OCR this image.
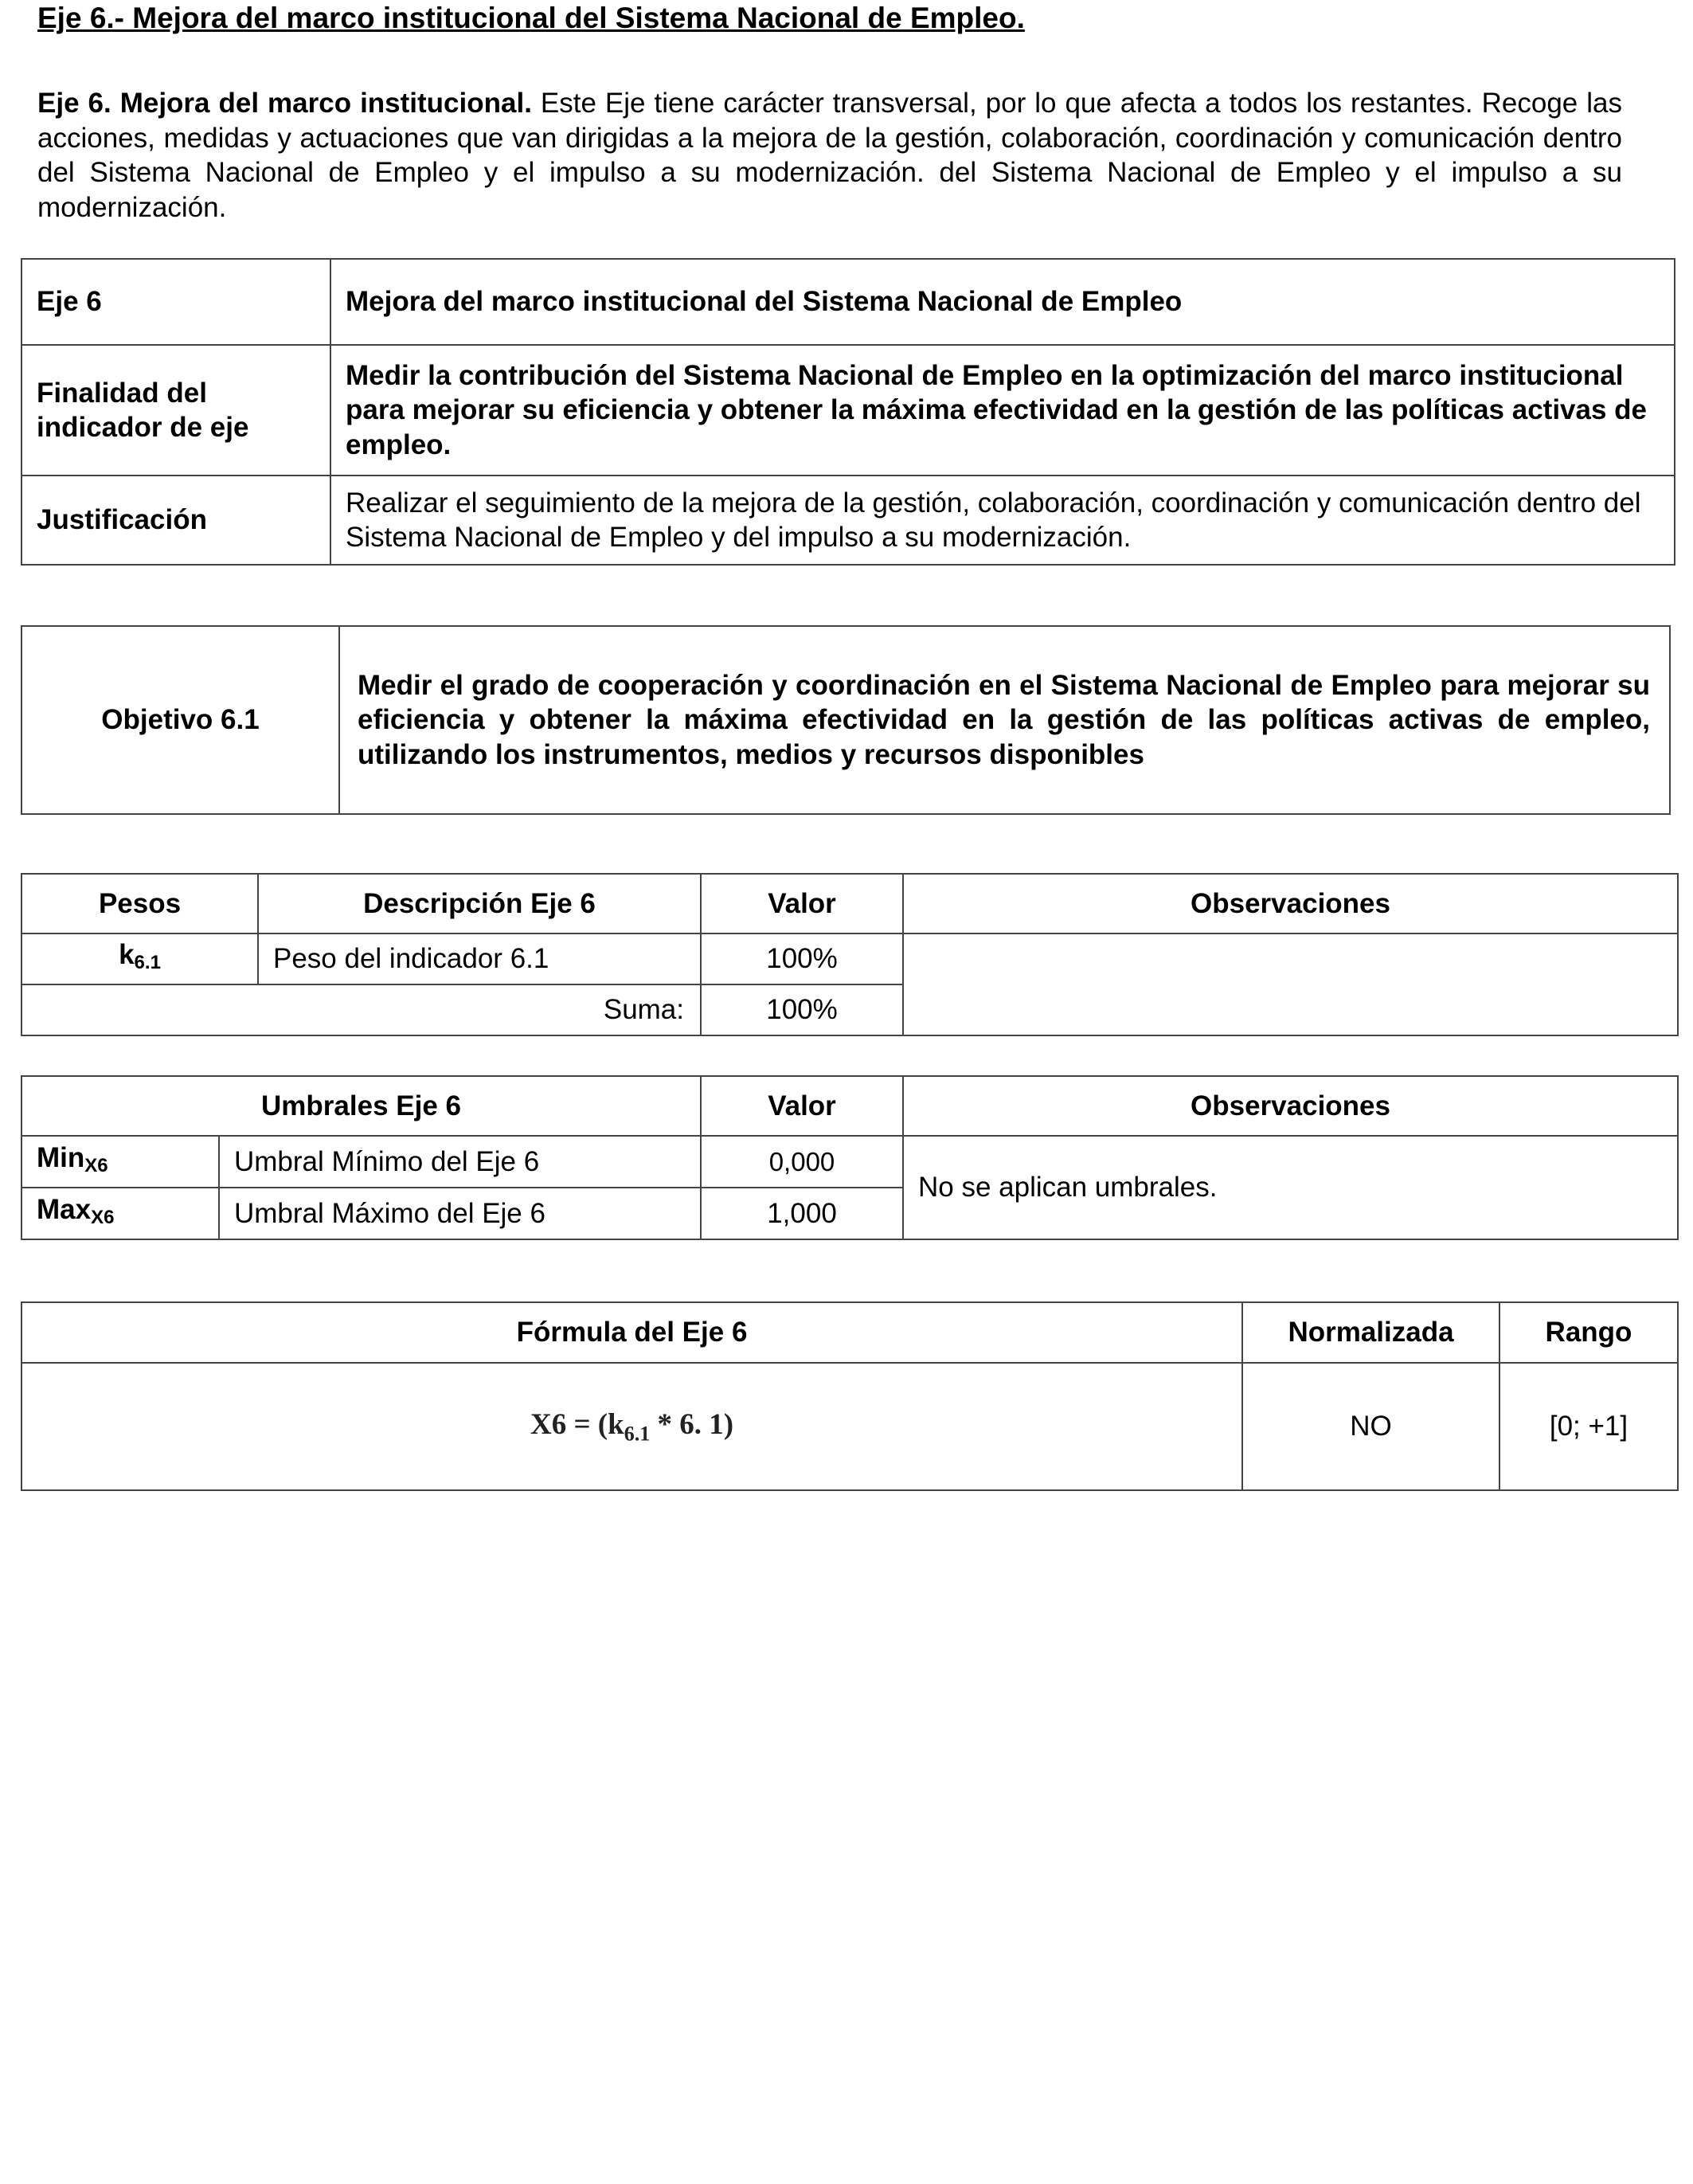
Eje 6.- Mejora del marco institucional del Sistema Nacional de Empleo.
Eje 6. Mejora del marco institucional. Este Eje tiene carácter transversal, por lo que afecta a todos los restantes. Recoge las acciones, medidas y actuaciones que van dirigidas a la mejora de la gestión, colaboración, coordinación y comunicación dentro del Sistema Nacional de Empleo y el impulso a su modernización. del Sistema Nacional de Empleo y el impulso a su modernización.
Eje 6	Mejora del marco institucional del Sistema Nacional de Empleo
Finalidad del indicador de eje	Medir la contribución del Sistema Nacional de Empleo en la optimización del marco institucional para mejorar su eficiencia y obtener la máxima efectividad en la gestión de las políticas activas de empleo.
Justificación	Realizar el seguimiento de la mejora de la gestión, colaboración, coordinación y comunicación dentro del Sistema Nacional de Empleo y del impulso a su modernización.
Objetivo 6.1	Medir el grado de cooperación y coordinación en el Sistema Nacional de Empleo para mejorar su eficiencia y obtener la máxima efectividad en la gestión de las políticas activas de empleo, utilizando los instrumentos, medios y recursos disponibles
Pesos	Descripción Eje 6	Valor	Observaciones
$k_{6.1}$	Peso del indicador 6.1	100%	
Suma:		100%	
Umbrales Eje 6		Valor	Observaciones
Min$_{X6}$	Umbral Mínimo del Eje 6	0,000	No se aplican umbrales.
Max$_{X6}$	Umbral Máximo del Eje 6	1,000	
Fórmula del Eje 6	Normalizada	Rango
$X6 = (k_{6.1} * 6$. 1)	NO	[0; +1]
